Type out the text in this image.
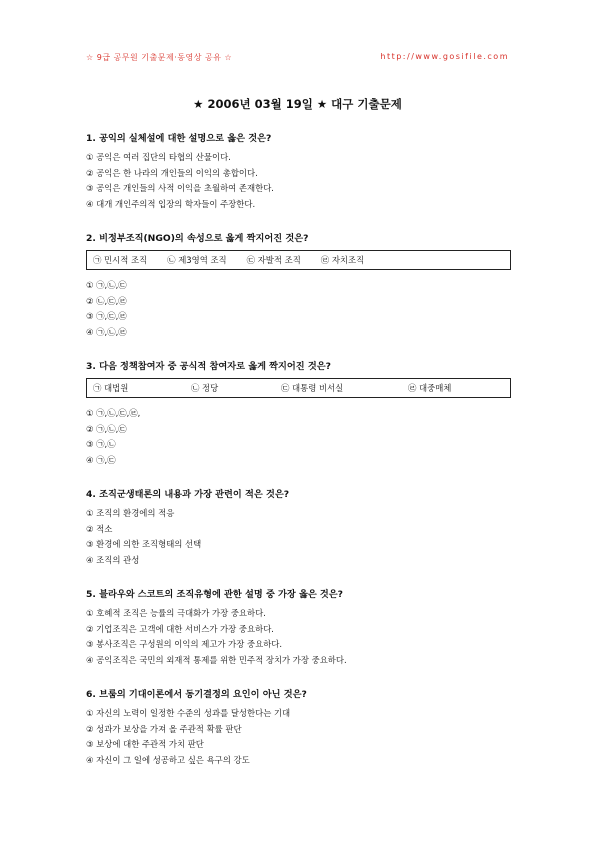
☆ 9급 공무원 기출문제·동영상 공유 ☆	http://www.gosifile.com
★ 2006년 03월 19일 ★ 대구 기출문제
1. 공익의 실체설에 대한 설명으로 옳은 것은?
① 공익은 여러 집단의 타협의 산물이다.
② 공익은 한 나라의 개인들의 이익의 총합이다.
③ 공익은 개인들의 사적 이익을 초월하여 존재한다.
④ 대개 개인주의적 입장의 학자들이 주장한다.
2. 비정부조직(NGO)의 속성으로 옳게 짝지어진 것은?
㉠ 민시적 조직 ㉡ 제3영역 조직 ㉢ 자발적 조직 ㉣ 자치조직
① ㉠,㉡,㉢
② ㉡,㉢,㉣
③ ㉠,㉢,㉣
④ ㉠,㉡,㉣
3. 다음 정책참여자 중 공식적 참여자로 옳게 짝지어진 것은?
㉠ 대법원	㉡ 정당	㉢ 대통령 비서실	㉣ 대중매체
① ㉠,㉡,㉢,㉣,
② ㉠,㉡,㉢
③ ㉠,㉡
④ ㉠,㉢
4. 조직군생태론의 내용과 가장 관련이 적은 것은?
① 조직의 환경에의 적응
② 적소
③ 환경에 의한 조직형태의 선택
④ 조직의 관성
5. 블라우와 스코트의 조직유형에 관한 설명 중 가장 옳은 것은?
① 호혜적 조직은 능률의 극대화가 가장 중요하다.
② 기업조직은 고객에 대한 서비스가 가장 중요하다.
③ 봉사조직은 구성원의 이익의 제고가 가장 중요하다.
④ 공익조직은 국민의 외재적 통제를 위한 민주적 장치가 가장 중요하다.
6. 브룸의 기대이론에서 동기결정의 요인이 아닌 것은?
① 자신의 노력이 일정한 수준의 성과를 달성한다는 기대
② 성과가 보상을 가져 올 주관적 확률 판단
③ 보상에 대한 주관적 가치 판단
④ 자신이 그 일에 성공하고 싶은 욕구의 강도
